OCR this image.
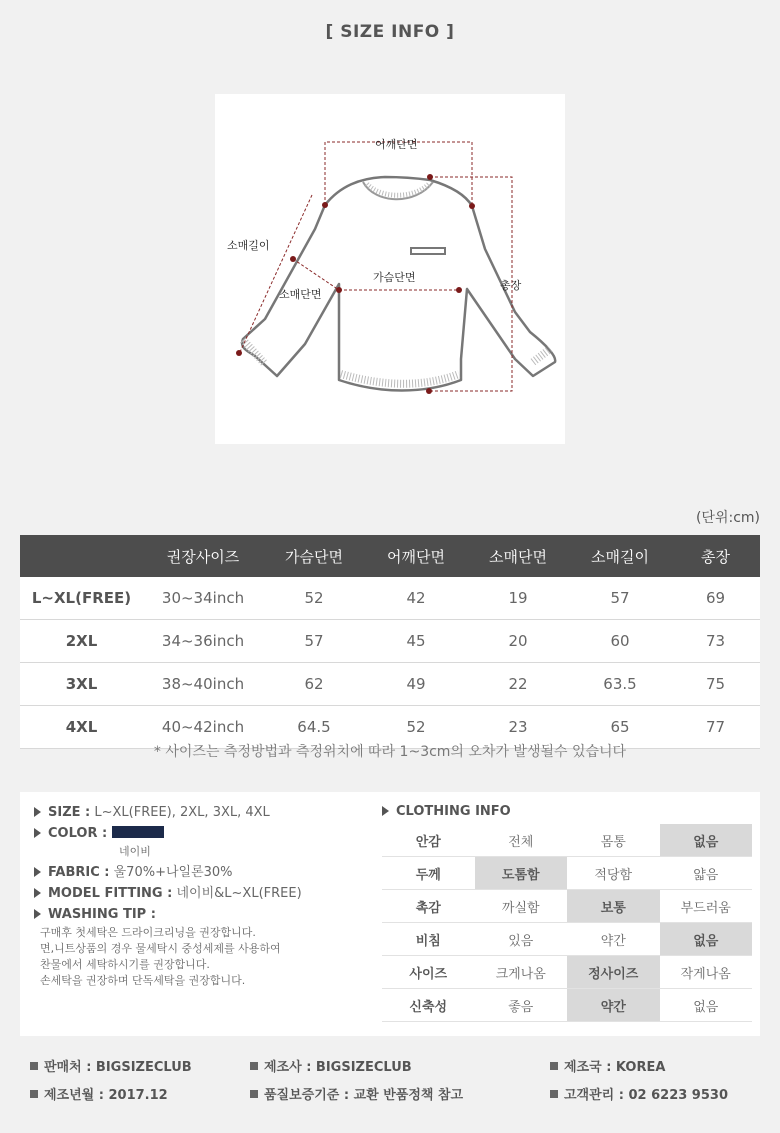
[ SIZE INFO ]
어깨단면
소매길이
가슴단면
소매단면
총장
(단위:cm)
	권장사이즈	가슴단면	어깨단면	소매단면	소매길이	총장
L~XL(FREE)	30~34inch	52	42	19	57	69
2XL	34~36inch	57	45	20	60	73
3XL	38~40inch	62	49	22	63.5	75
4XL	40~42inch	64.5	52	23	65	77
* 사이즈는 측정방법과 측정위치에 따라 1~3cm의 오차가 발생될수 있습니다
SIZE : L~XL(FREE), 2XL, 3XL, 4XL
COLOR :
네이비
FABRIC : 울70%+나일론30%
MODEL FITTING : 네이비&L~XL(FREE)
WASHING TIP :
구매후 첫세탁은 드라이크리닝을 권장합니다.
면,니트상품의 경우 물세탁시 중성세제를 사용하여
찬물에서 세탁하시기를 권장합니다.
손세탁을 권장하며 단독세탁을 권장합니다.
CLOTHING INFO
안감	전체	몸통	없음
두께	도톰함	적당함	얇음
촉감	까실함	보통	부드러움
비침	있음	약간	없음
사이즈	크게나옴	정사이즈	작게나옴
신축성	좋음	약간	없음
판매처 : BIGSIZECLUB	제조사 : BIGSIZECLUB	제조국 : KOREA
제조년월 : 2017.12	품질보증기준 : 교환 반품정책 참고	고객관리 : 02 6223 9530
